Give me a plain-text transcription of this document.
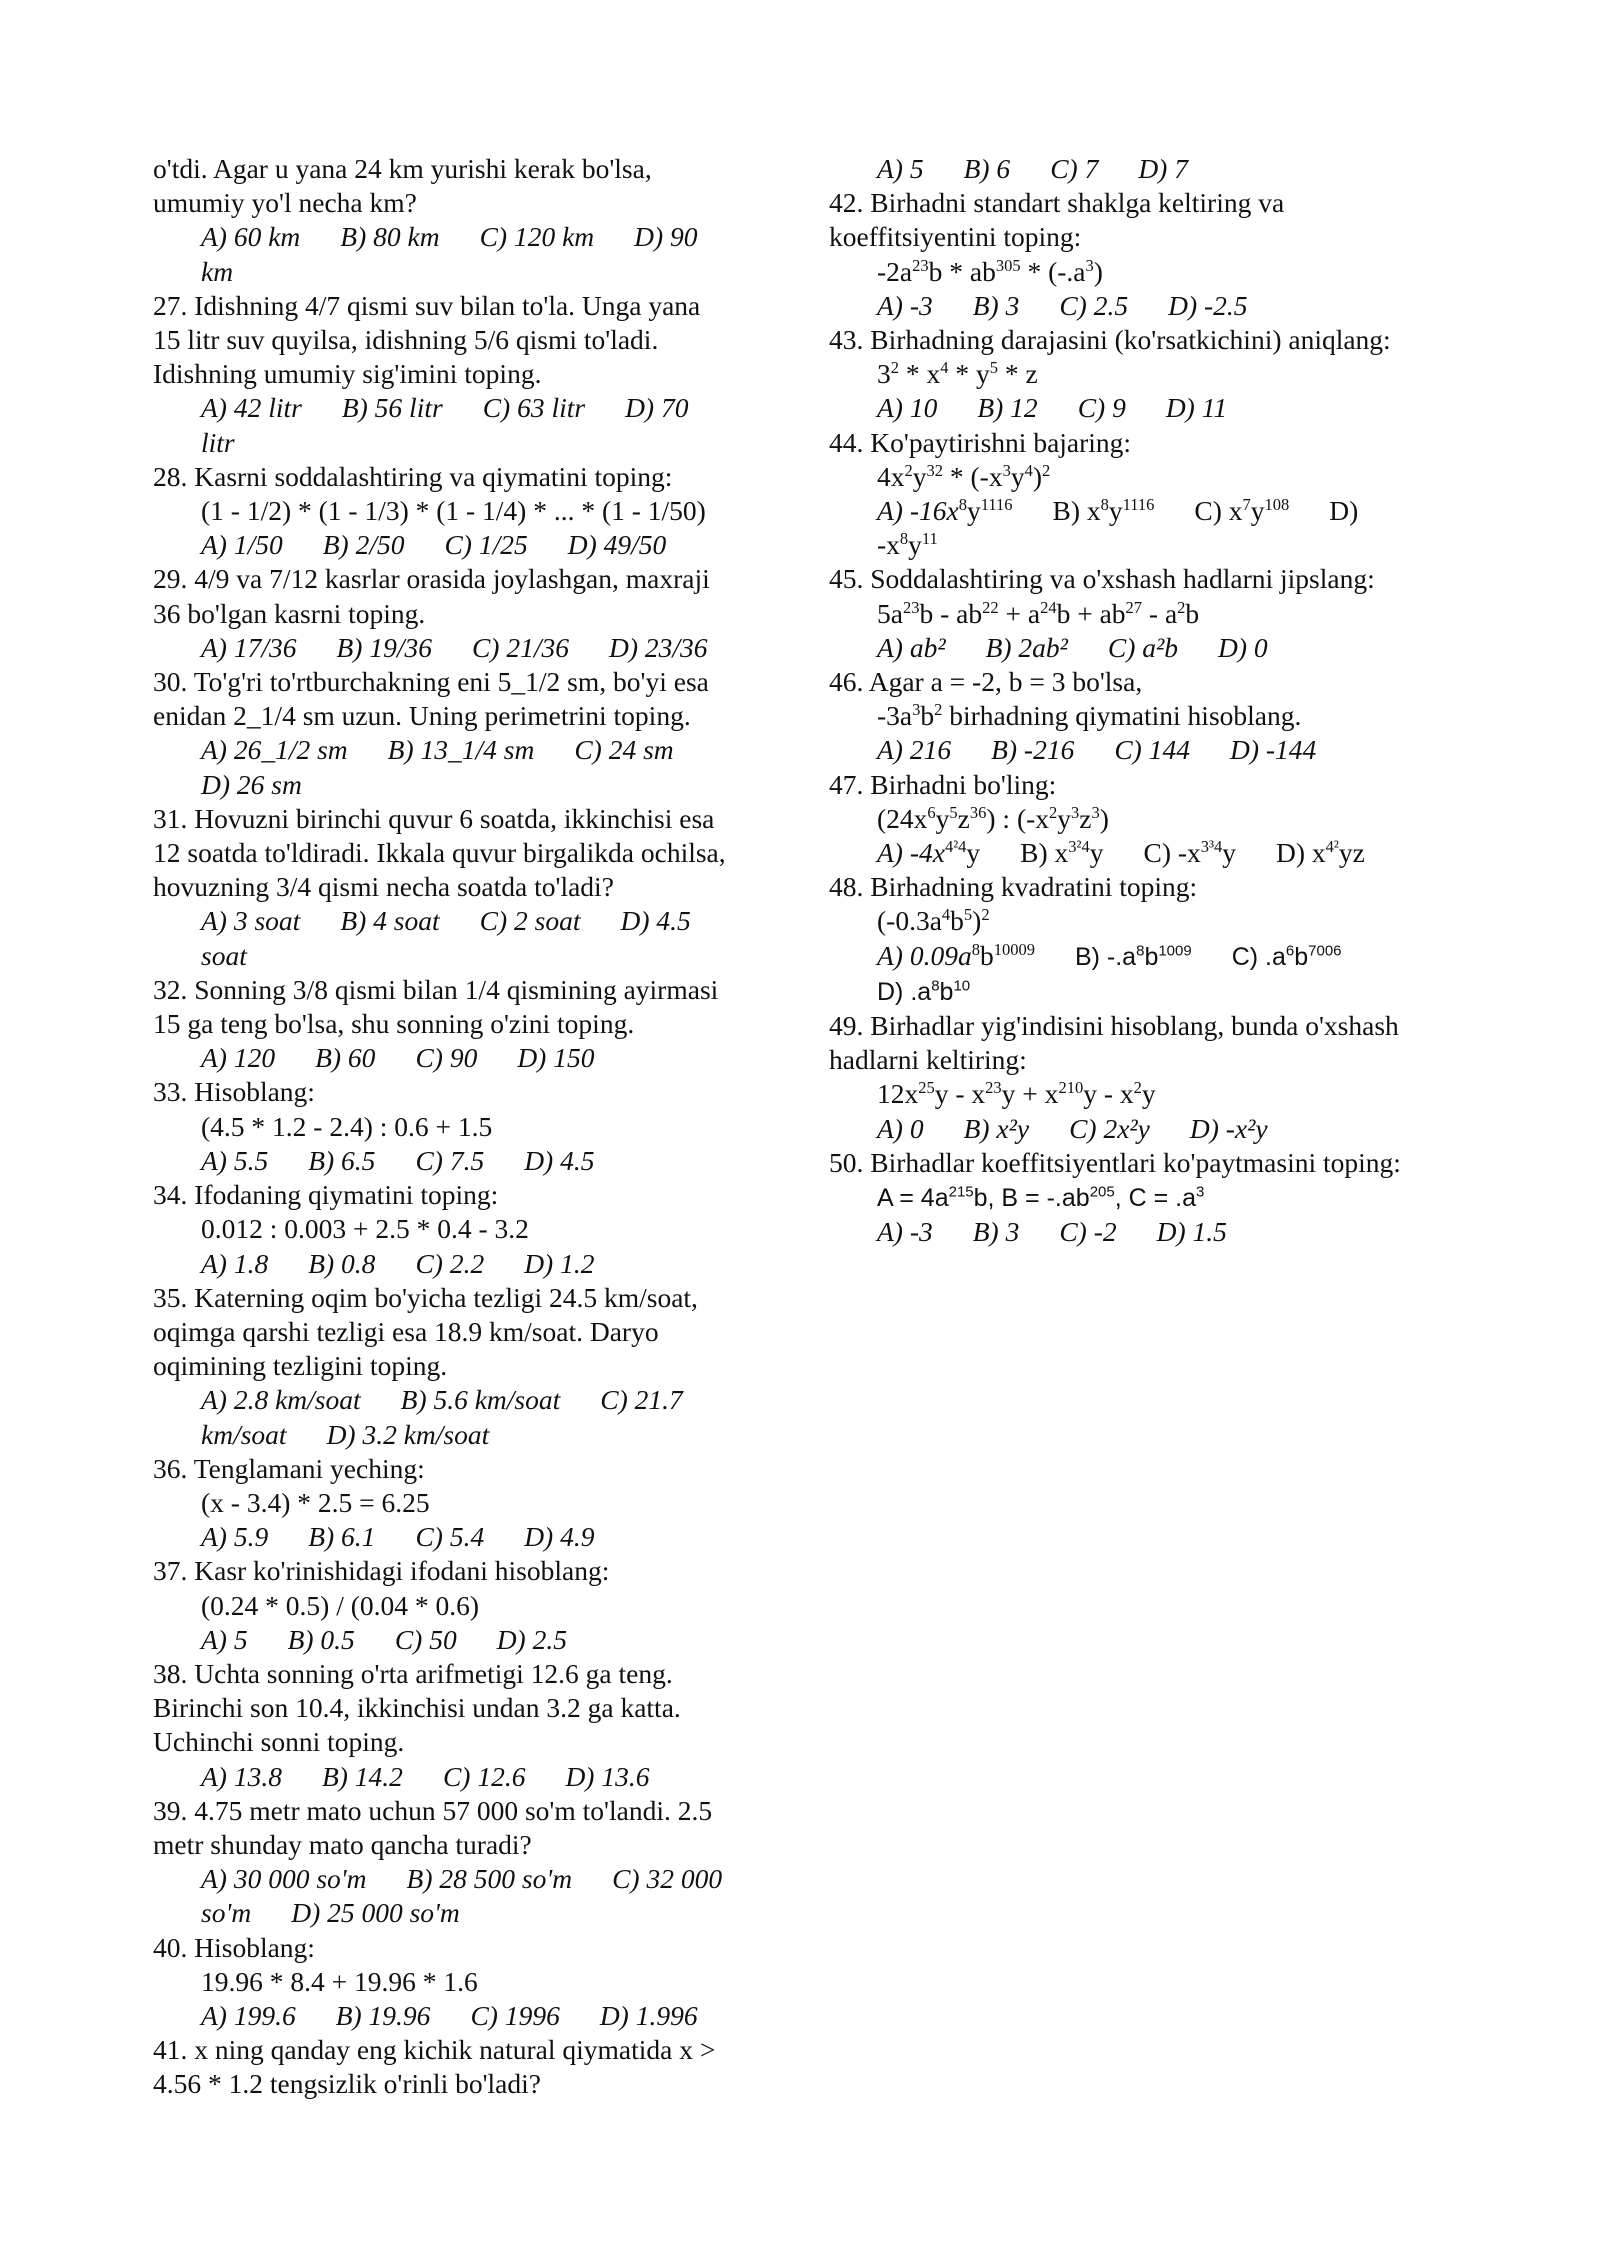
o'tdi. Agar u yana 24 km yurishi kerak bo'lsa,
umumiy yo'l necha km?
A) 60 km B) 80 km C) 120 km D) 90
km
27. Idishning 4/7 qismi suv bilan to'la. Unga yana
15 litr suv quyilsa, idishning 5/6 qismi to'ladi.
Idishning umumiy sig'imini toping.
A) 42 litr B) 56 litr C) 63 litr D) 70
litr
28. Kasrni soddalashtiring va qiymatini toping:
(1 - 1/2) * (1 - 1/3) * (1 - 1/4) * ... * (1 - 1/50)
A) 1/50 B) 2/50 C) 1/25 D) 49/50
29. 4/9 va 7/12 kasrlar orasida joylashgan, maxraji
36 bo'lgan kasrni toping.
A) 17/36 B) 19/36 C) 21/36 D) 23/36
30. To'g'ri to'rtburchakning eni 5_1/2 sm, bo'yi esa
enidan 2_1/4 sm uzun. Uning perimetrini toping.
A) 26_1/2 sm B) 13_1/4 sm C) 24 sm
D) 26 sm
31. Hovuzni birinchi quvur 6 soatda, ikkinchisi esa
12 soatda to'ldiradi. Ikkala quvur birgalikda ochilsa,
hovuzning 3/4 qismi necha soatda to'ladi?
A) 3 soat B) 4 soat C) 2 soat D) 4.5
soat
32. Sonning 3/8 qismi bilan 1/4 qismining ayirmasi
15 ga teng bo'lsa, shu sonning o'zini toping.
A) 120 B) 60 C) 90 D) 150
33. Hisoblang:
(4.5 * 1.2 - 2.4) : 0.6 + 1.5
A) 5.5 B) 6.5 C) 7.5 D) 4.5
34. Ifodaning qiymatini toping:
0.012 : 0.003 + 2.5 * 0.4 - 3.2
A) 1.8 B) 0.8 C) 2.2 D) 1.2
35. Katerning oqim bo'yicha tezligi 24.5 km/soat,
oqimga qarshi tezligi esa 18.9 km/soat. Daryo
oqimining tezligini toping.
A) 2.8 km/soat B) 5.6 km/soat C) 21.7
km/soat D) 3.2 km/soat
36. Tenglamani yeching:
(x - 3.4) * 2.5 = 6.25
A) 5.9 B) 6.1 C) 5.4 D) 4.9
37. Kasr ko'rinishidagi ifodani hisoblang:
(0.24 * 0.5) / (0.04 * 0.6)
A) 5 B) 0.5 C) 50 D) 2.5
38. Uchta sonning o'rta arifmetigi 12.6 ga teng.
Birinchi son 10.4, ikkinchisi undan 3.2 ga katta.
Uchinchi sonni toping.
A) 13.8 B) 14.2 C) 12.6 D) 13.6
39. 4.75 metr mato uchun 57 000 so'm to'landi. 2.5
metr shunday mato qancha turadi?
A) 30 000 so'm B) 28 500 so'm C) 32 000
so'm D) 25 000 so'm
40. Hisoblang:
19.96 * 8.4 + 19.96 * 1.6
A) 199.6 B) 19.96 C) 1996 D) 1.996
41. x ning qanday eng kichik natural qiymatida x >
4.56 * 1.2 tengsizlik o'rinli bo'ladi?
A) 5 B) 6 C) 7 D) 7
42. Birhadni standart shaklga keltiring va
koeffitsiyentini toping:
$-2a^{23}b * ab^{305} * (-.a^3)$
A) -3 B) 3 C) 2.5 D) -2.5
43. Birhadning darajasini (ko'rsatkichini) aniqlang:
$3^2 * x^4 * y^5$ * z
A) 10 B) 12 C) 9 D) 11
44. Ko'paytirishni bajaring:
$4x^2y^{32} * (-x^3y^4)^2$
A) $-16x^8y^{1116}$ B) $x^8y^{1116}$ C) $x^7y^{108}$ D)
$-x^8y^{11}$
45. Soddalashtiring va o'xshash hadlarni jipslang:
$5a^{23}b - ab^{22} + a^{24}b + ab^{27} - a^2b$
A) ab² B) 2ab² C) a²b D) 0
46. Agar a = -2, b = 3 bo'lsa,
$-3a^3b^2$ birhadning qiymatini hisoblang.
A) 216 B) -216 C) 144 D) -144
47. Birhadni bo'ling:
$(24x^6y^5z^{36})$ : $(-x^2y^3z^3)$
A) $-4x^{4^24}y$ B) $x^{3^24}y$ C) $-x^{3^34}y$ D) $x^{4^2}yz$
48. Birhadning kvadratini toping:
$(-0.3a^4b^5)^2$
A) $0.09a^8b^{10009}$ B) $-.a^8b^{1009}$ C) $.a^6b^{7006}$
D) $.a^8b^{10}$
49. Birhadlar yig'indisini hisoblang, bunda o'xshash
hadlarni keltiring:
$12x^{25}y - x^{23}y + x^{210}y - x^2y$
A) 0 B) x²y C) 2x²y D) -x²y
50. Birhadlar koeffitsiyentlari ko'paytmasini toping:
$A = 4a^{215}b$, $B = -.ab^{205}$, $C = .a^3$
A) -3 B) 3 C) -2 D) 1.5
